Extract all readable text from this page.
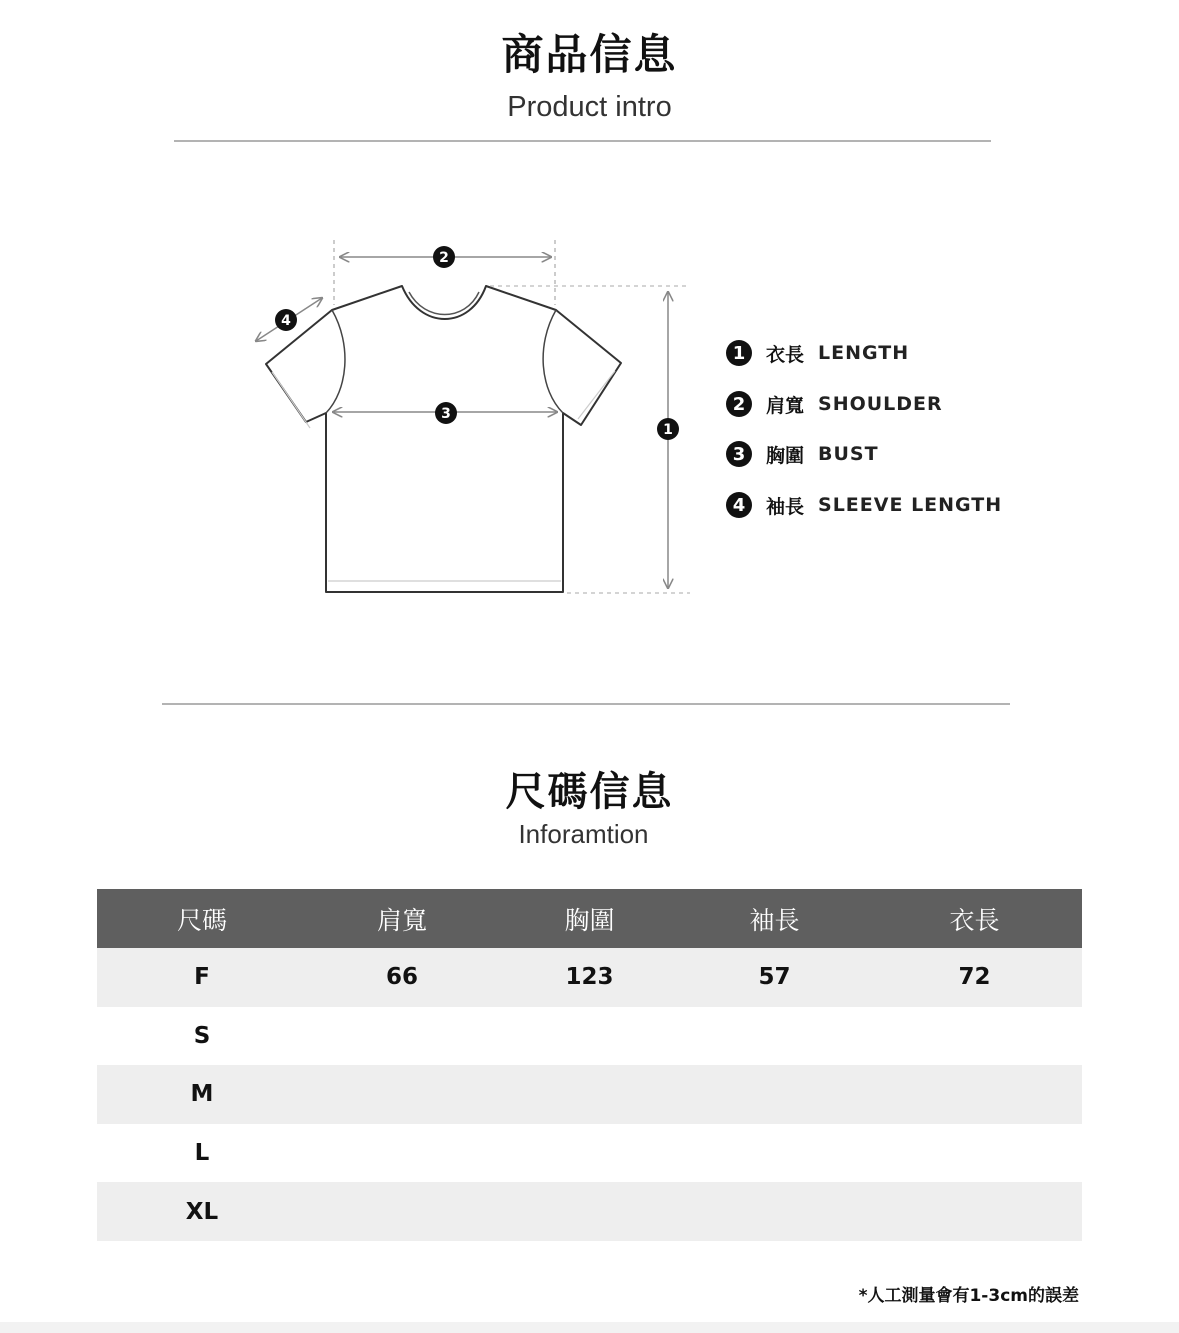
商品信息
Product intro
2
3
1
4
1	衣長 LENGTH
2	肩寬 SHOULDER
3	胸圍 BUST
4	袖長 SLEEVE LENGTH
尺碼信息
Inforamtion
尺碼	肩寬	胸圍	袖長	衣長
F	66	123	57	72
S				
M				
L				
XL				
*人工測量會有1-3cm的誤差
